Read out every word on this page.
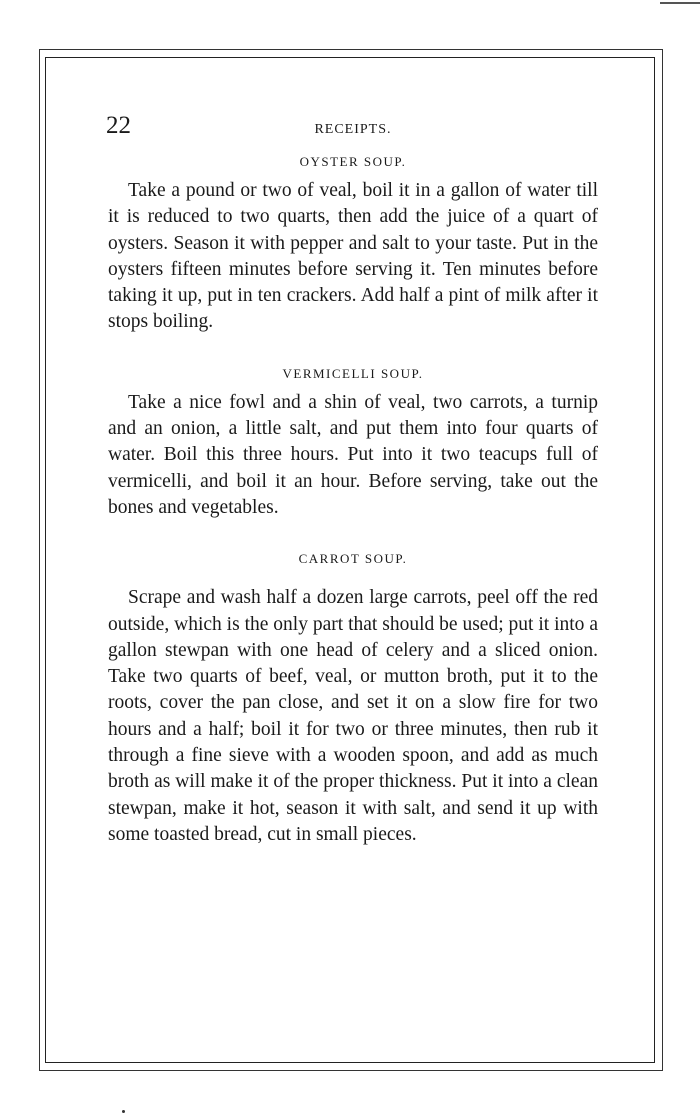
22	RECEIPTS.

OYSTER SOUP.

Take a pound or two of veal, boil it in a gallon of water till it is reduced to two quarts, then add the juice of a quart of oysters. Season it with pepper and salt to your taste. Put in the oysters fifteen minutes before serving it. Ten minutes before taking it up, put in ten crackers. Add half a pint of milk after it stops boiling.

VERMICELLI SOUP.

Take a nice fowl and a shin of veal, two carrots, a turnip and an onion, a little salt, and put them into four quarts of water. Boil this three hours. Put into it two teacups full of vermicelli, and boil it an hour. Before serving, take out the bones and vegetables.

CARROT SOUP.

Scrape and wash half a dozen large carrots, peel off the red outside, which is the only part that should be used; put it into a gallon stewpan with one head of celery and a sliced onion. Take two quarts of beef, veal, or mutton broth, put it to the roots, cover the pan close, and set it on a slow fire for two hours and a half; boil it for two or three minutes, then rub it through a fine sieve with a wooden spoon, and add as much broth as will make it of the proper thickness. Put it into a clean stewpan, make it hot, season it with salt, and send it up with some toasted bread, cut in small pieces.
